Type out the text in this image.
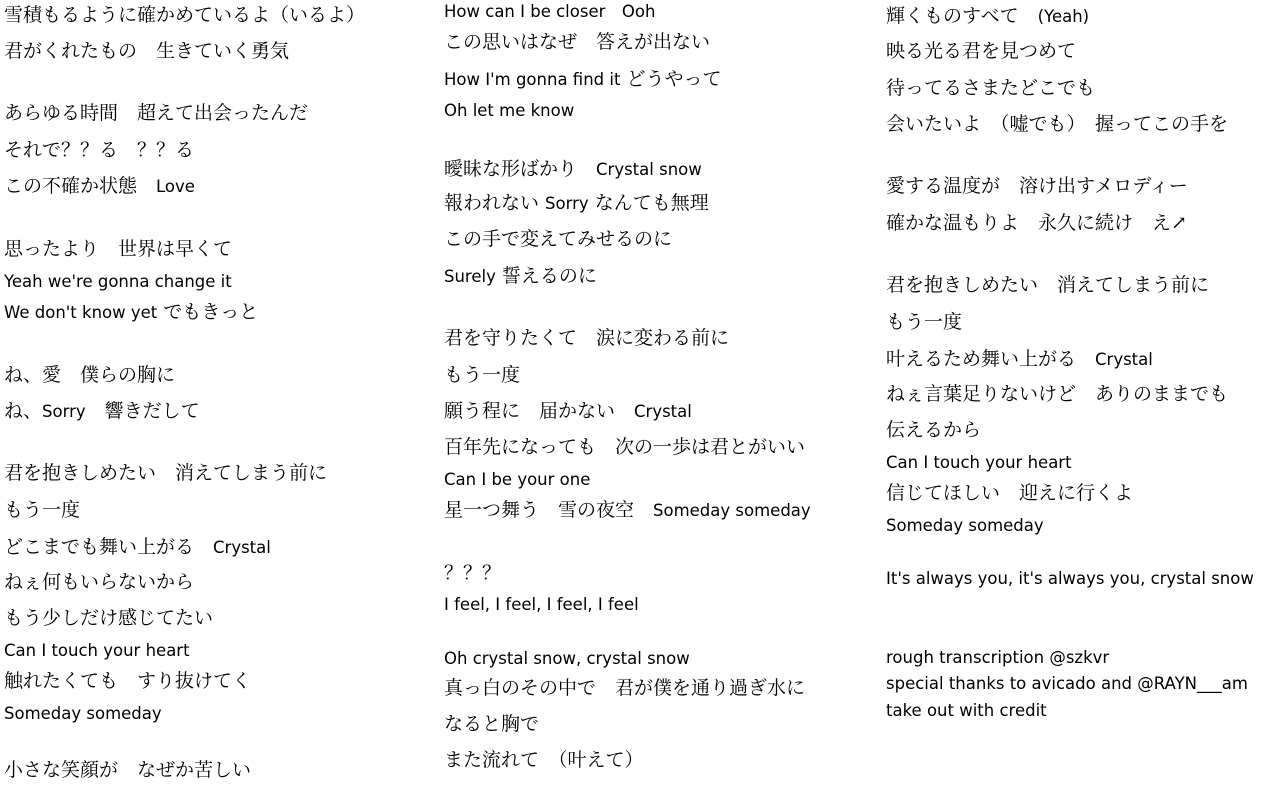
雪積もるように確かめているよ（いるよ）

君がくれたもの　生きていく勇気

あらゆる時間　超えて出会ったんだ

それで？？る　？？る

この不確か状態　Love

思ったより　世界は早くて

Yeah we're gonna change it

We don't know yet でもきっと

ね、愛　僕らの胸に

ね、Sorry　響きだして

君を抱きしめたい　消えてしまう前に

もう一度

どこまでも舞い上がる　Crystal

ねぇ何もいらないから

もう少しだけ感じてたい

Can I touch your heart

触れたくても　すり抜けてく

Someday someday

小さな笑顔が　なぜか苦しい

How can I be closer　Ooh

この思いはなぜ　答えが出ない

How I'm gonna find it どうやって

Oh let me know

曖昧な形ばかり　Crystal snow

報われない Sorry なんても無理

この手で変えてみせるのに

Surely 誓えるのに

君を守りたくて　涙に変わる前に

もう一度

願う程に　届かない　Crystal

百年先になっても　次の一歩は君とがいい

Can I be your one

星一つ舞う　雪の夜空　Someday someday

？？？

I feel, I feel, I feel, I feel

Oh crystal snow, crystal snow

真っ白のその中で　君が僕を通り過ぎ水に

なると胸で

また流れて　（叶えて）

輝くものすべて　(Yeah)

映る光る君を見つめて

待ってるさまたどこでも

会いたいよ　（嘘でも）　握ってこの手を

愛する温度が　溶け出すメロディー

確かな温もりよ　永久に続け　え↗

君を抱きしめたい　消えてしまう前に

もう一度

叶えるため舞い上がる　Crystal

ねぇ言葉足りないけど　ありのままでも

伝えるから

Can I touch your heart

信じてほしい　迎えに行くよ

Someday someday

It's always you, it's always you, crystal snow

rough transcription @szkvr

special thanks to avicado and @RAYN___am

take out with credit
